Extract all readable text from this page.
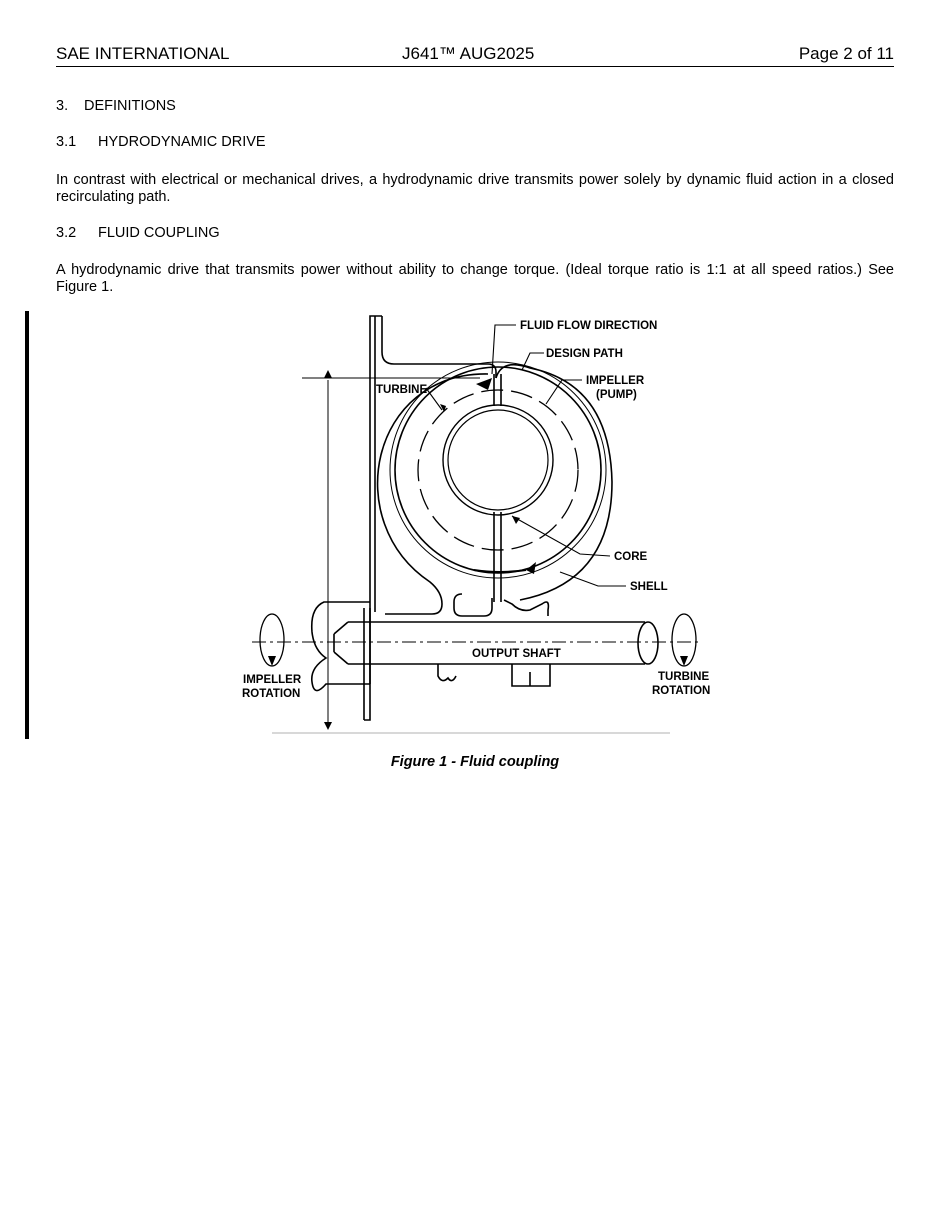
SAE INTERNATIONAL	J641™ AUG2025	Page 2 of 11
3. DEFINITIONS
3.1 HYDRODYNAMIC DRIVE
In contrast with electrical or mechanical drives, a hydrodynamic drive transmits power solely by dynamic fluid action in a closed recirculating path.
3.2 FLUID COUPLING
A hydrodynamic drive that transmits power without ability to change torque. (Ideal torque ratio is 1:1 at all speed ratios.) See Figure 1.
FLUID FLOW DIRECTION
DESIGN PATH
TURBINE
IMPELLER
(PUMP)
CORE
SHELL
OUTPUT SHAFT
IMPELLER
ROTATION
TURBINE
ROTATION
Figure 1 - Fluid coupling
